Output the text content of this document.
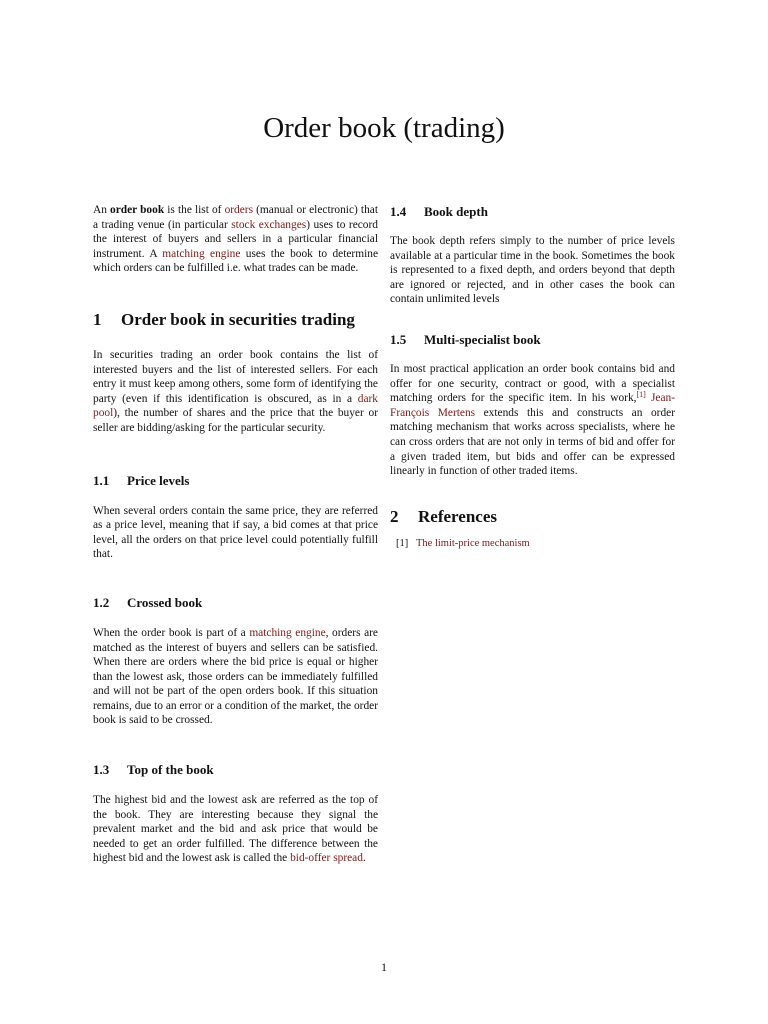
Order book (trading)

An order book is the list of orders (manual or electronic) that a trading venue (in particular stock exchanges) uses to record the interest of buyers and sellers in a particular financial instrument. A matching engine uses the book to determine which orders can be fulfilled i.e. what trades can be made.

1 Order book in securities trading

In securities trading an order book contains the list of interested buyers and the list of interested sellers. For each entry it must keep among others, some form of identifying the party (even if this identification is obscured, as in a dark pool), the number of shares and the price that the buyer or seller are bidding/asking for the particular security.

1.1 Price levels

When several orders contain the same price, they are referred as a price level, meaning that if say, a bid comes at that price level, all the orders on that price level could potentially fulfill that.

1.2 Crossed book

When the order book is part of a matching engine, orders are matched as the interest of buyers and sellers can be satisfied. When there are orders where the bid price is equal or higher than the lowest ask, those orders can be immediately fulfilled and will not be part of the open orders book. If this situation remains, due to an error or a condition of the market, the order book is said to be crossed.

1.3 Top of the book

The highest bid and the lowest ask are referred as the top of the book. They are interesting because they signal the prevalent market and the bid and ask price that would be needed to get an order fulfilled. The difference between the highest bid and the lowest ask is called the bid-offer spread.

1.4 Book depth

The book depth refers simply to the number of price levels available at a particular time in the book. Sometimes the book is represented to a fixed depth, and orders beyond that depth are ignored or rejected, and in other cases the book can contain unlimited levels

1.5 Multi-specialist book

In most practical application an order book contains bid and offer for one security, contract or good, with a specialist matching orders for the specific item. In his work,[1] Jean-François Mertens extends this and constructs an order matching mechanism that works across specialists, where he can cross orders that are not only in terms of bid and offer for a given traded item, but bids and offer can be expressed linearly in function of other traded items.

2 References
[1] The limit-price mechanism
1
